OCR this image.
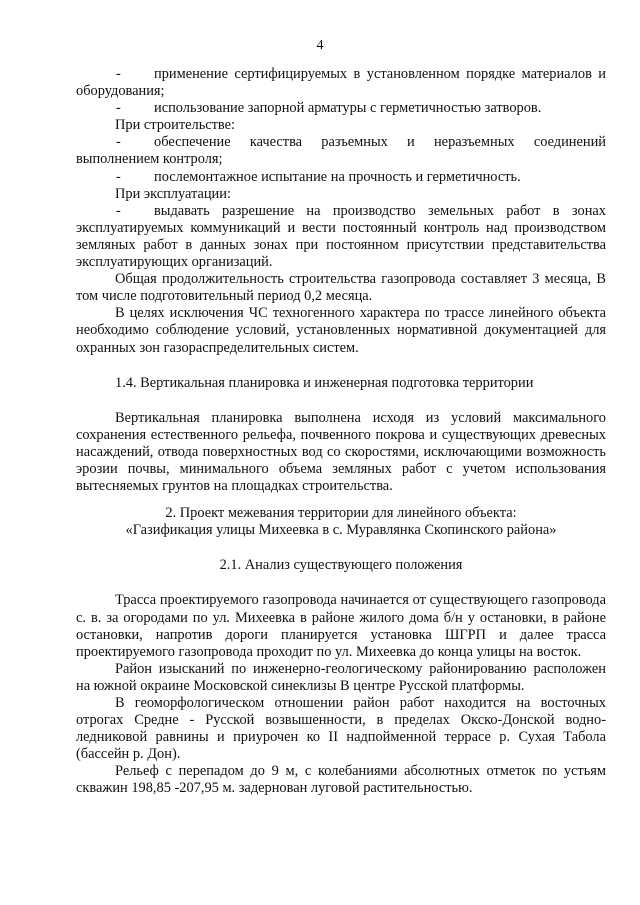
4

- применение сертифицируемых в установленном порядке материалов и оборудования;

- использование запорной арматуры с герметичностью затворов.

При строительстве:

- обеспечение качества разъемных и неразъемных соединений выполнением контроля;

- послемонтажное испытание на прочность и герметичность.

При эксплуатации:

- выдавать разрешение на производство земельных работ в зонах эксплуатируемых коммуникаций и вести постоянный контроль над производством земляных работ в данных зонах при постоянном присутствии представительства эксплуатирующих организаций.

Общая продолжительность строительства газопровода составляет 3 месяца, В том числе подготовительный период 0,2 месяца.

В целях исключения ЧС техногенного характера по трассе линейного объекта необходимо соблюдение условий, установленных нормативной документацией для охранных зон газораспределительных систем.

1.4. Вертикальная планировка и инженерная подготовка территории

Вертикальная планировка выполнена исходя из условий максимального сохранения естественного рельефа, почвенного покрова и существующих древесных насаждений, отвода поверхностных вод со скоростями, исключающими возможность эрозии почвы, минимального объема земляных работ с учетом использования вытесняемых грунтов на площадках строительства.

2. Проект межевания территории для линейного объекта:

«Газификация улицы Михеевка в с. Муравлянка Скопинского района»

2.1. Анализ существующего положения

Трасса проектируемого газопровода начинается от существующего газопровода с. в. за огородами по ул. Михеевка в районе жилого дома б/н у остановки, в районе остановки, напротив дороги планируется установка ШГРП и далее трасса проектируемого газопровода проходит по ул. Михеевка до конца улицы на восток.

Район изысканий по инженерно-геологическому районированию расположен на южной окраине Московской синеклизы В центре Русской платформы.

В геоморфологическом отношении район работ находится на восточных отрогах Средне - Русской возвышенности, в пределах Окско-Донской водно-ледниковой равнины и приурочен ко II надпойменной террасе р. Сухая Табола (бассейн р. Дон).

Рельеф с перепадом до 9 м, с колебаниями абсолютных отметок по устьям скважин 198,85 -207,95 м. задернован луговой растительностью.
